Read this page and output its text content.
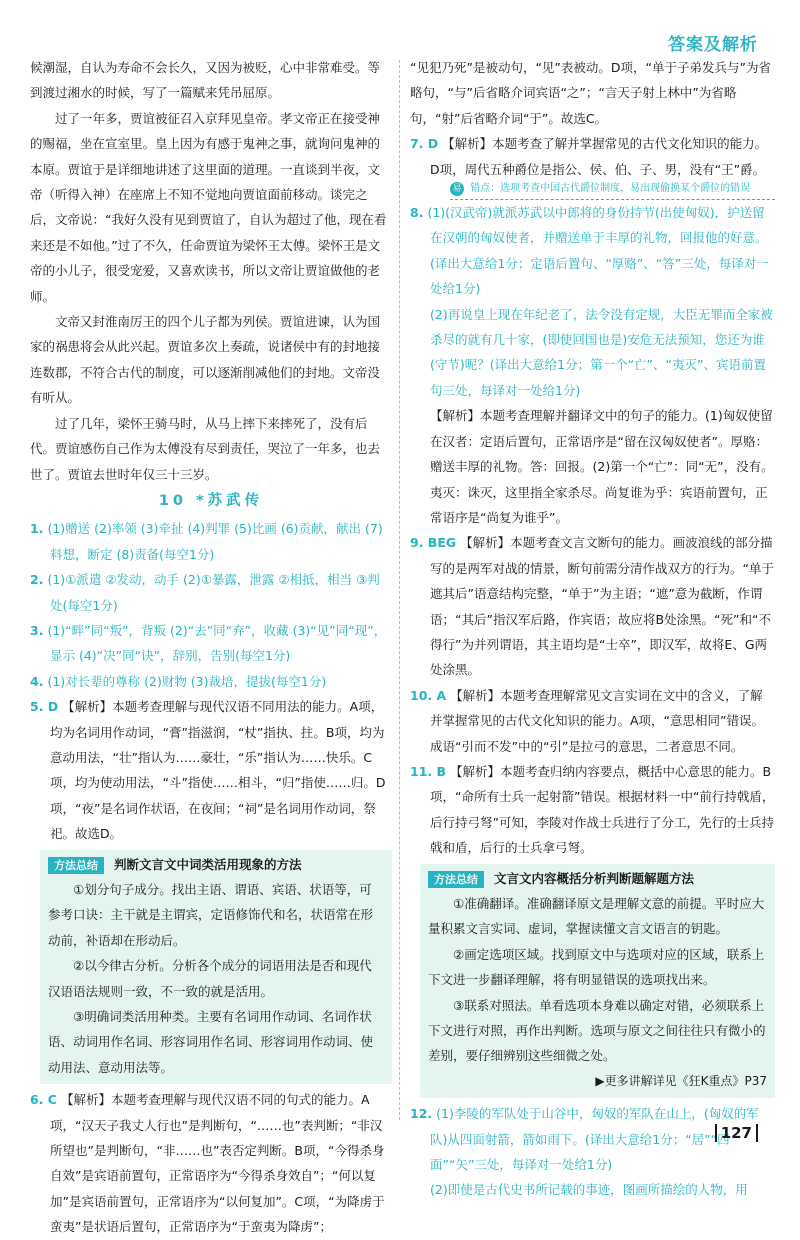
答案及解析

候潮湿，自认为寿命不会长久，又因为被贬，心中非常难受。等到渡过湘水的时候，写了一篇赋来凭吊屈原。

过了一年多，贾谊被征召入京拜见皇帝。孝文帝正在接受神的赐福，坐在宣室里。皇上因为有感于鬼神之事，就询问鬼神的本原。贾谊于是详细地讲述了这里面的道理。一直谈到半夜，文帝（听得入神）在座席上不知不觉地向贾谊面前移动。谈完之后，文帝说：“我好久没有见到贾谊了，自认为超过了他，现在看来还是不如他。”过了不久，任命贾谊为梁怀王太傅。梁怀王是文帝的小儿子，很受宠爱，又喜欢读书，所以文帝让贾谊做他的老师。

文帝又封淮南厉王的四个儿子都为列侯。贾谊进谏，认为国家的祸患将会从此兴起。贾谊多次上奏疏，说诸侯中有的封地接连数郡，不符合古代的制度，可以逐渐削减他们的封地。文帝没有听从。

过了几年，梁怀王骑马时，从马上摔下来摔死了，没有后代。贾谊感伤自己作为太傅没有尽到责任，哭泣了一年多，也去世了。贾谊去世时年仅三十三岁。

10 *苏武传

1. (1)赠送 (2)率领 (3)牵扯 (4)判罪 (5)比画 (6)贡献，献出 (7)料想，断定 (8)责备(每空1分)

2. (1)①派遣 ②发动，动手 (2)①暴露，泄露 ②相抵，相当 ③判处(每空1分)

3. (1)“畔”同“叛”，背叛 (2)“去”同“弃”，收藏 (3)“见”同“现”，显示 (4)“决”同“诀”，辞别，告别(每空1分)

4. (1)对长辈的尊称 (2)财物 (3)裁培，提拔(每空1分)

5. D 【解析】本题考查理解与现代汉语不同用法的能力。A项，均为名词用作动词，“膏”指滋润，“杖”指执、拄。B项，均为意动用法，“壮”指认为……豪壮，“乐”指认为……快乐。C项，均为使动用法，“斗”指使……相斗，“归”指使……归。D项，“夜”是名词作状语，在夜间；“祠”是名词用作动词，祭祀。故选D。

方法总结 判断文言文中词类活用现象的方法

①划分句子成分。找出主语、谓语、宾语、状语等，可参考口诀：主干就是主谓宾，定语修饰代和名，状语常在形动前，补语却在形动后。

②以今律古分析。分析各个成分的词语用法是否和现代汉语语法规则一致，不一致的就是活用。

③明确词类活用种类。主要有名词用作动词、名词作状语、动词用作名词、形容词用作名词、形容词用作动词、使动用法、意动用法等。

6. C 【解析】本题考查理解与现代汉语不同的句式的能力。A项，“汉天子我丈人行也”是判断句，“……也”表判断；“非汉所望也”是判断句，“非……也”表否定判断。B项，“今得杀身自效”是宾语前置句，正常语序为“今得杀身效自”；“何以复加”是宾语前置句，正常语序为“以何复加”。C项，“为降虏于蛮夷”是状语后置句，正常语序为“于蛮夷为降虏”；

“见犯乃死”是被动句，“见”表被动。D项，“单于子弟发兵与”为省略句，“与”后省略介词宾语“之”；“言天子射上林中”为省略句，“射”后省略介词“于”。故选C。

7. D 【解析】本题考查了解并掌握常见的古代文化知识的能力。D项，周代五种爵位是指公、侯、伯、子、男，没有“王”爵。

易 错点：选项考查中国古代爵位制度，易出现偷换某个爵位的错误

8. (1)(汉武帝)就派苏武以中郎将的身份持节(出使匈奴)，护送留在汉朝的匈奴使者，并赠送单于丰厚的礼物，回报他的好意。(译出大意给1分；定语后置句、“厚赂”、“答”三处，每译对一处给1分)

(2)再说皇上现在年纪老了，法令没有定规，大臣无罪而全家被杀尽的就有几十家，(即使回国也是)安危无法预知，您还为谁(守节)呢？(译出大意给1分；第一个“亡”、“夷灭”、宾语前置句三处，每译对一处给1分)

【解析】本题考查理解并翻译文中的句子的能力。(1)匈奴使留在汉者：定语后置句，正常语序是“留在汉匈奴使者”。厚赂：赠送丰厚的礼物。答：回报。(2)第一个“亡”：同“无”，没有。夷灭：诛灭，这里指全家杀尽。尚复谁为乎：宾语前置句，正常语序是“尚复为谁乎”。

9. BEG 【解析】本题考查文言文断句的能力。画波浪线的部分描写的是两军对战的情景，断句前需分清作战双方的行为。“单于遮其后”语意结构完整，“单于”为主语；“遮”意为截断，作谓语；“其后”指汉军后路，作宾语；故应将B处涂黑。“死”和“不得行”为并列谓语，其主语均是“士卒”，即汉军，故将E、G两处涂黑。

10. A 【解析】本题考查理解常见文言实词在文中的含义，了解并掌握常见的古代文化知识的能力。A项，“意思相同”错误。成语“引而不发”中的“引”是拉弓的意思，二者意思不同。

11. B 【解析】本题考查归纳内容要点，概括中心意思的能力。B项，“命所有士兵一起射箭”错误。根据材料一中“前行持戟盾，后行持弓弩”可知，李陵对作战士兵进行了分工，先行的士兵持戟和盾，后行的士兵拿弓弩。

方法总结 文言文内容概括分析判断题解题方法

①准确翻译。准确翻译原文是理解文意的前提。平时应大量积累文言实词、虚词，掌握读懂文言文语言的钥匙。

②画定选项区域。找到原文中与选项对应的区域，联系上下文进一步翻译理解，将有明显错误的选项找出来。

③联系对照法。单看选项本身难以确定对错，必须联系上下文进行对照，再作出判断。选项与原文之间往往只有微小的差别，要仔细辨别这些细微之处。

▶更多讲解详见《狂K重点》P37

12. (1)李陵的军队处于山谷中，匈奴的军队在山上，(匈奴的军队)从四面射箭，箭如雨下。(译出大意给1分；“居”“四面”“矢”三处，每译对一处给1分)

(2)即使是古代史书所记载的事迹，图画所描绘的人物，用

127
